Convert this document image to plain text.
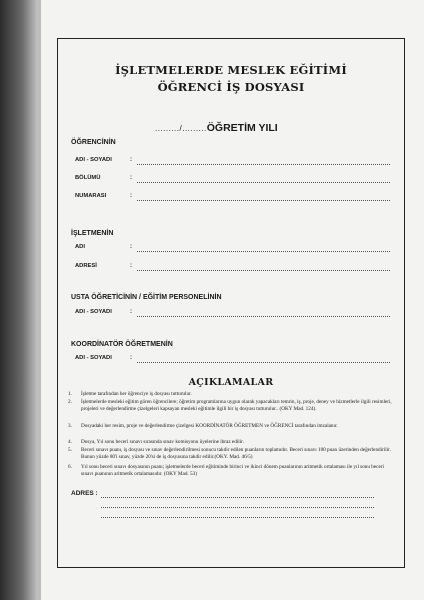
İŞLETMELERDE MESLEK EĞİTİMİ
ÖĞRENCİ İŞ DOSYASI
........./.........ÖĞRETİM YILI
ÖĞRENCİNİN
ADI - SOYADI	:
BÖLÜMÜ	:
NUMARASI	:
İŞLETMENİN
ADI	:
ADRESİ	:
USTA ÖĞRETİCİNİN / EĞİTİM PERSONELİNİN
ADI - SOYADI	:
KOORDİNATÖR ÖĞRETMENİN
ADI - SOYADI	:
AÇIKLAMALAR
1.	İşletme tarafından her öğrenciye iş dosyası tutturulur.
2.	İşletmelerde mesleki eğitim gören öğrencilere; öğretim programlarına uygun olarak yapacakları temrin, iş, proje, deney ve hizmetlerle ilgili resimleri, projeleri ve değerlendirme çizelgeleri kapsayan mesleki eğitimle ilgili bir iş dosyası tutturulur.. (OKY Mad. 124).
3.	Dosyadaki her resim, proje ve değerlendirme çizelgesi KOORDİNATÖR ÖĞRETMEN ve ÖĞRENCİ tarafından imzalanır.
4.	Dosya, Yıl sonu beceri sınavı sırasında sınav komisyonu üyelerine ibraz edilir.
5.	Beceri sınavı puanı, iş dosyası ve sınav değerlendirilmesi sonucu takdir edilen puanların toplamıdır. Beceri sınavı 100 puan üzerinden değerlendirilir. Bunun yüzde 80'i sınav, yüzde 20'si de iş dosyasına takdir edilir.(OKY. Mad. 46/5)
6.	Yıl sonu beceri sınavı dosyasının puanı; işletmelerde beceri eğitiminde birinci ve ikinci dönem puanlarının aritmetik ortalaması ile yıl sonu beceri sınavı puanının aritmetik ortalamasıdır. (OKY Mad. 53)
ADRES :
